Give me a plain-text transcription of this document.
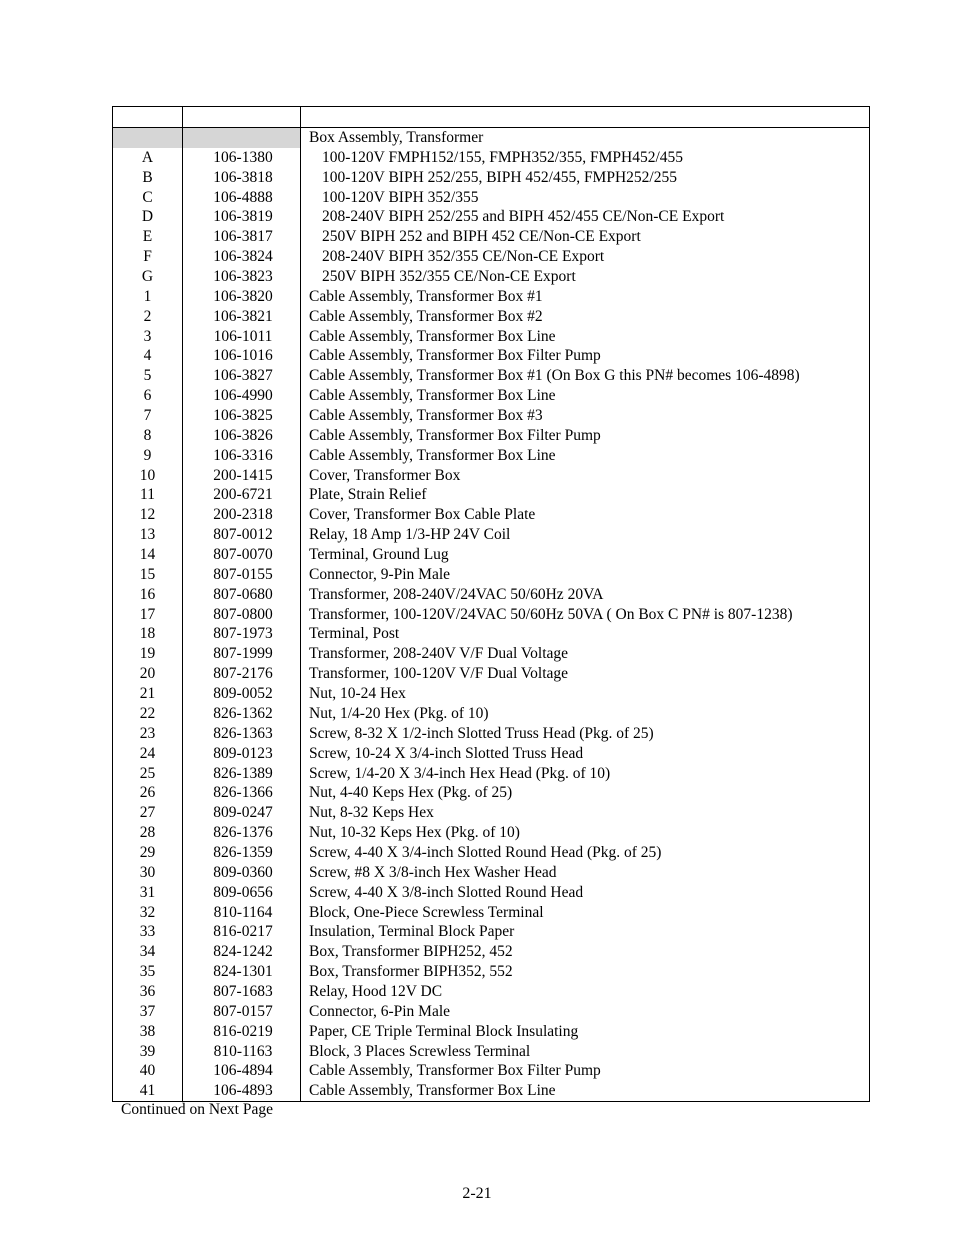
		Box Assembly, Transformer
A	106-1380	100-120V FMPH152/155, FMPH352/355, FMPH452/455
B	106-3818	100-120V BIPH 252/255, BIPH 452/455, FMPH252/255
C	106-4888	100-120V BIPH 352/355
D	106-3819	208-240V BIPH 252/255 and BIPH 452/455 CE/Non-CE Export
E	106-3817	250V BIPH 252 and BIPH 452 CE/Non-CE Export
F	106-3824	208-240V BIPH 352/355 CE/Non-CE Export
G	106-3823	250V BIPH 352/355 CE/Non-CE Export
1	106-3820	Cable Assembly, Transformer Box #1
2	106-3821	Cable Assembly, Transformer Box #2
3	106-1011	Cable Assembly, Transformer Box Line
4	106-1016	Cable Assembly, Transformer Box Filter Pump
5	106-3827	Cable Assembly, Transformer Box #1 (On Box G this PN# becomes 106-4898)
6	106-4990	Cable Assembly, Transformer Box Line
7	106-3825	Cable Assembly, Transformer Box #3
8	106-3826	Cable Assembly, Transformer Box Filter Pump
9	106-3316	Cable Assembly, Transformer Box Line
10	200-1415	Cover, Transformer Box
11	200-6721	Plate, Strain Relief
12	200-2318	Cover, Transformer Box Cable Plate
13	807-0012	Relay, 18 Amp 1/3-HP 24V Coil
14	807-0070	Terminal, Ground Lug
15	807-0155	Connector, 9-Pin Male
16	807-0680	Transformer, 208-240V/24VAC 50/60Hz 20VA
17	807-0800	Transformer, 100-120V/24VAC 50/60Hz 50VA ( On Box C PN# is 807-1238)
18	807-1973	Terminal, Post
19	807-1999	Transformer, 208-240V V/F Dual Voltage
20	807-2176	Transformer, 100-120V V/F Dual Voltage
21	809-0052	Nut, 10-24 Hex
22	826-1362	Nut, 1/4-20 Hex (Pkg. of 10)
23	826-1363	Screw, 8-32 X 1/2-inch Slotted Truss Head (Pkg. of 25)
24	809-0123	Screw, 10-24 X 3/4-inch Slotted Truss Head
25	826-1389	Screw, 1/4-20 X 3/4-inch Hex Head (Pkg. of 10)
26	826-1366	Nut, 4-40 Keps Hex (Pkg. of 25)
27	809-0247	Nut, 8-32 Keps Hex
28	826-1376	Nut, 10-32 Keps Hex (Pkg. of 10)
29	826-1359	Screw, 4-40 X 3/4-inch Slotted Round Head (Pkg. of 25)
30	809-0360	Screw, #8 X 3/8-inch Hex Washer Head
31	809-0656	Screw, 4-40 X 3/8-inch Slotted Round Head
32	810-1164	Block, One-Piece Screwless Terminal
33	816-0217	Insulation, Terminal Block Paper
34	824-1242	Box, Transformer BIPH252, 452
35	824-1301	Box, Transformer BIPH352, 552
36	807-1683	Relay, Hood 12V DC
37	807-0157	Connector, 6-Pin Male
38	816-0219	Paper, CE Triple Terminal Block Insulating
39	810-1163	Block, 3 Places Screwless Terminal
40	106-4894	Cable Assembly, Transformer Box Filter Pump
41	106-4893	Cable Assembly, Transformer Box Line
Continued on Next Page
2-21
